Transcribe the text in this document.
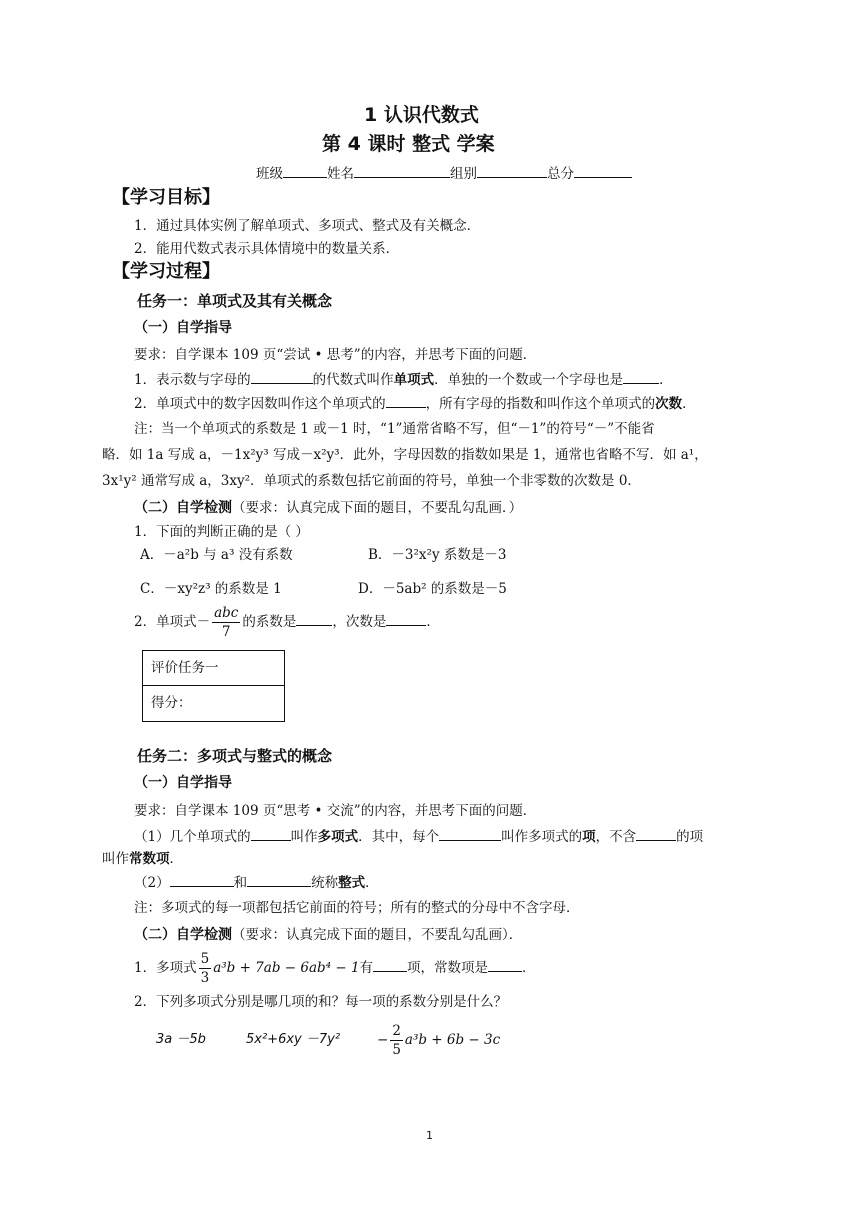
1 认识代数式
第 4 课时 整式 学案
班级	姓名	组别	总分
【学习目标】
1．通过具体实例了解单项式、多项式、整式及有关概念．
2．能用代数式表示具体情境中的数量关系．
【学习过程】
任务一：单项式及其有关概念
（一）自学指导
要求：自学课本 109 页“尝试 • 思考”的内容，并思考下面的问题．
1．表示数与字母的	的代数式叫作单项式．单独的一个数或一个字母也是	．
2．单项式中的数字因数叫作这个单项式的	，所有字母的指数和叫作这个单项式的次数．
注：当一个单项式的系数是 1 或－1 时，“1”通常省略不写，但“－1”的符号“－”不能省
略．如 1a 写成 a，－1x²y³ 写成－x²y³．此外，字母因数的指数如果是 1，通常也省略不写．如 a¹，
3x¹y² 通常写成 a，3xy²．单项式的系数包括它前面的符号，单独一个非零数的次数是 0．
（二）自学检测（要求：认真完成下面的题目，不要乱勾乱画．）
1．下面的判断正确的是（ ）
A．－a²b 与 a³ 没有系数	B．－3²x²y 系数是－3
C．－xy²z³ 的系数是 1	D．－5ab² 的系数是－5
2．单项式－ $\frac{\text{abc}}{7}$ 的系数是	，次数是	．
评价任务一
得分：
任务二：多项式与整式的概念
（一）自学指导
要求：自学课本 109 页“思考 • 交流”的内容，并思考下面的问题．
（1）几个单项式的	叫作多项式．其中，每个	叫作多项式的项，不含	的项
叫作常数项．
（2）	和	统称整式．
注：多项式的每一项都包括它前面的符号；所有的整式的分母中不含字母．
（二）自学检测（要求：认真完成下面的题目，不要乱勾乱画）．
1．多项式 $\frac{5}{3} a^3b + 7ab - 6ab^4 - 1$有	项，常数项是	．
2．下列多项式分别是哪几项的和？每一项的系数分别是什么？
3a －5b	5x²+6xy －7y²	− $\frac{2}{5} a^3b + 6b - 3c$
1
